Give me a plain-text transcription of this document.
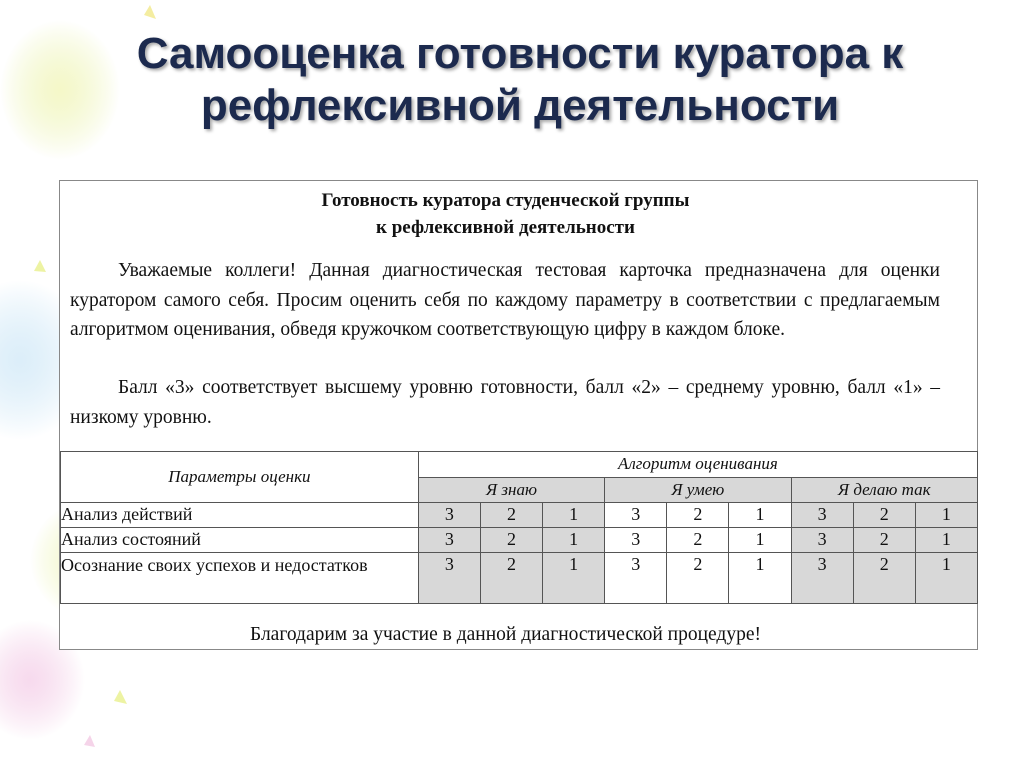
Самооценка готовности куратора к
рефлексивной деятельности
Готовность куратора студенческой группы
к рефлексивной деятельности

Уважаемые коллеги! Данная диагностическая тестовая карточка предназначена для оценки куратором самого себя. Просим оценить себя по каждому параметру в соответствии с предлагаемым алгоритмом оценивания, обведя кружочком соответствующую цифру в каждом блоке.

Балл «3» соответствует высшему уровню готовности, балл «2» – среднему уровню, балл «1» – низкому уровню.

Параметры оценки	Алгоритм оценивания								
	Я знаю			Я умею			Я делаю так		
Анализ действий	3	2	1	3	2	1	3	2	1
Анализ состояний	3	2	1	3	2	1	3	2	1
Осознание своих успехов и недостатков	3	2	1	3	2	1	3	2	1
Благодарим за участие в данной диагностической процедуре!
